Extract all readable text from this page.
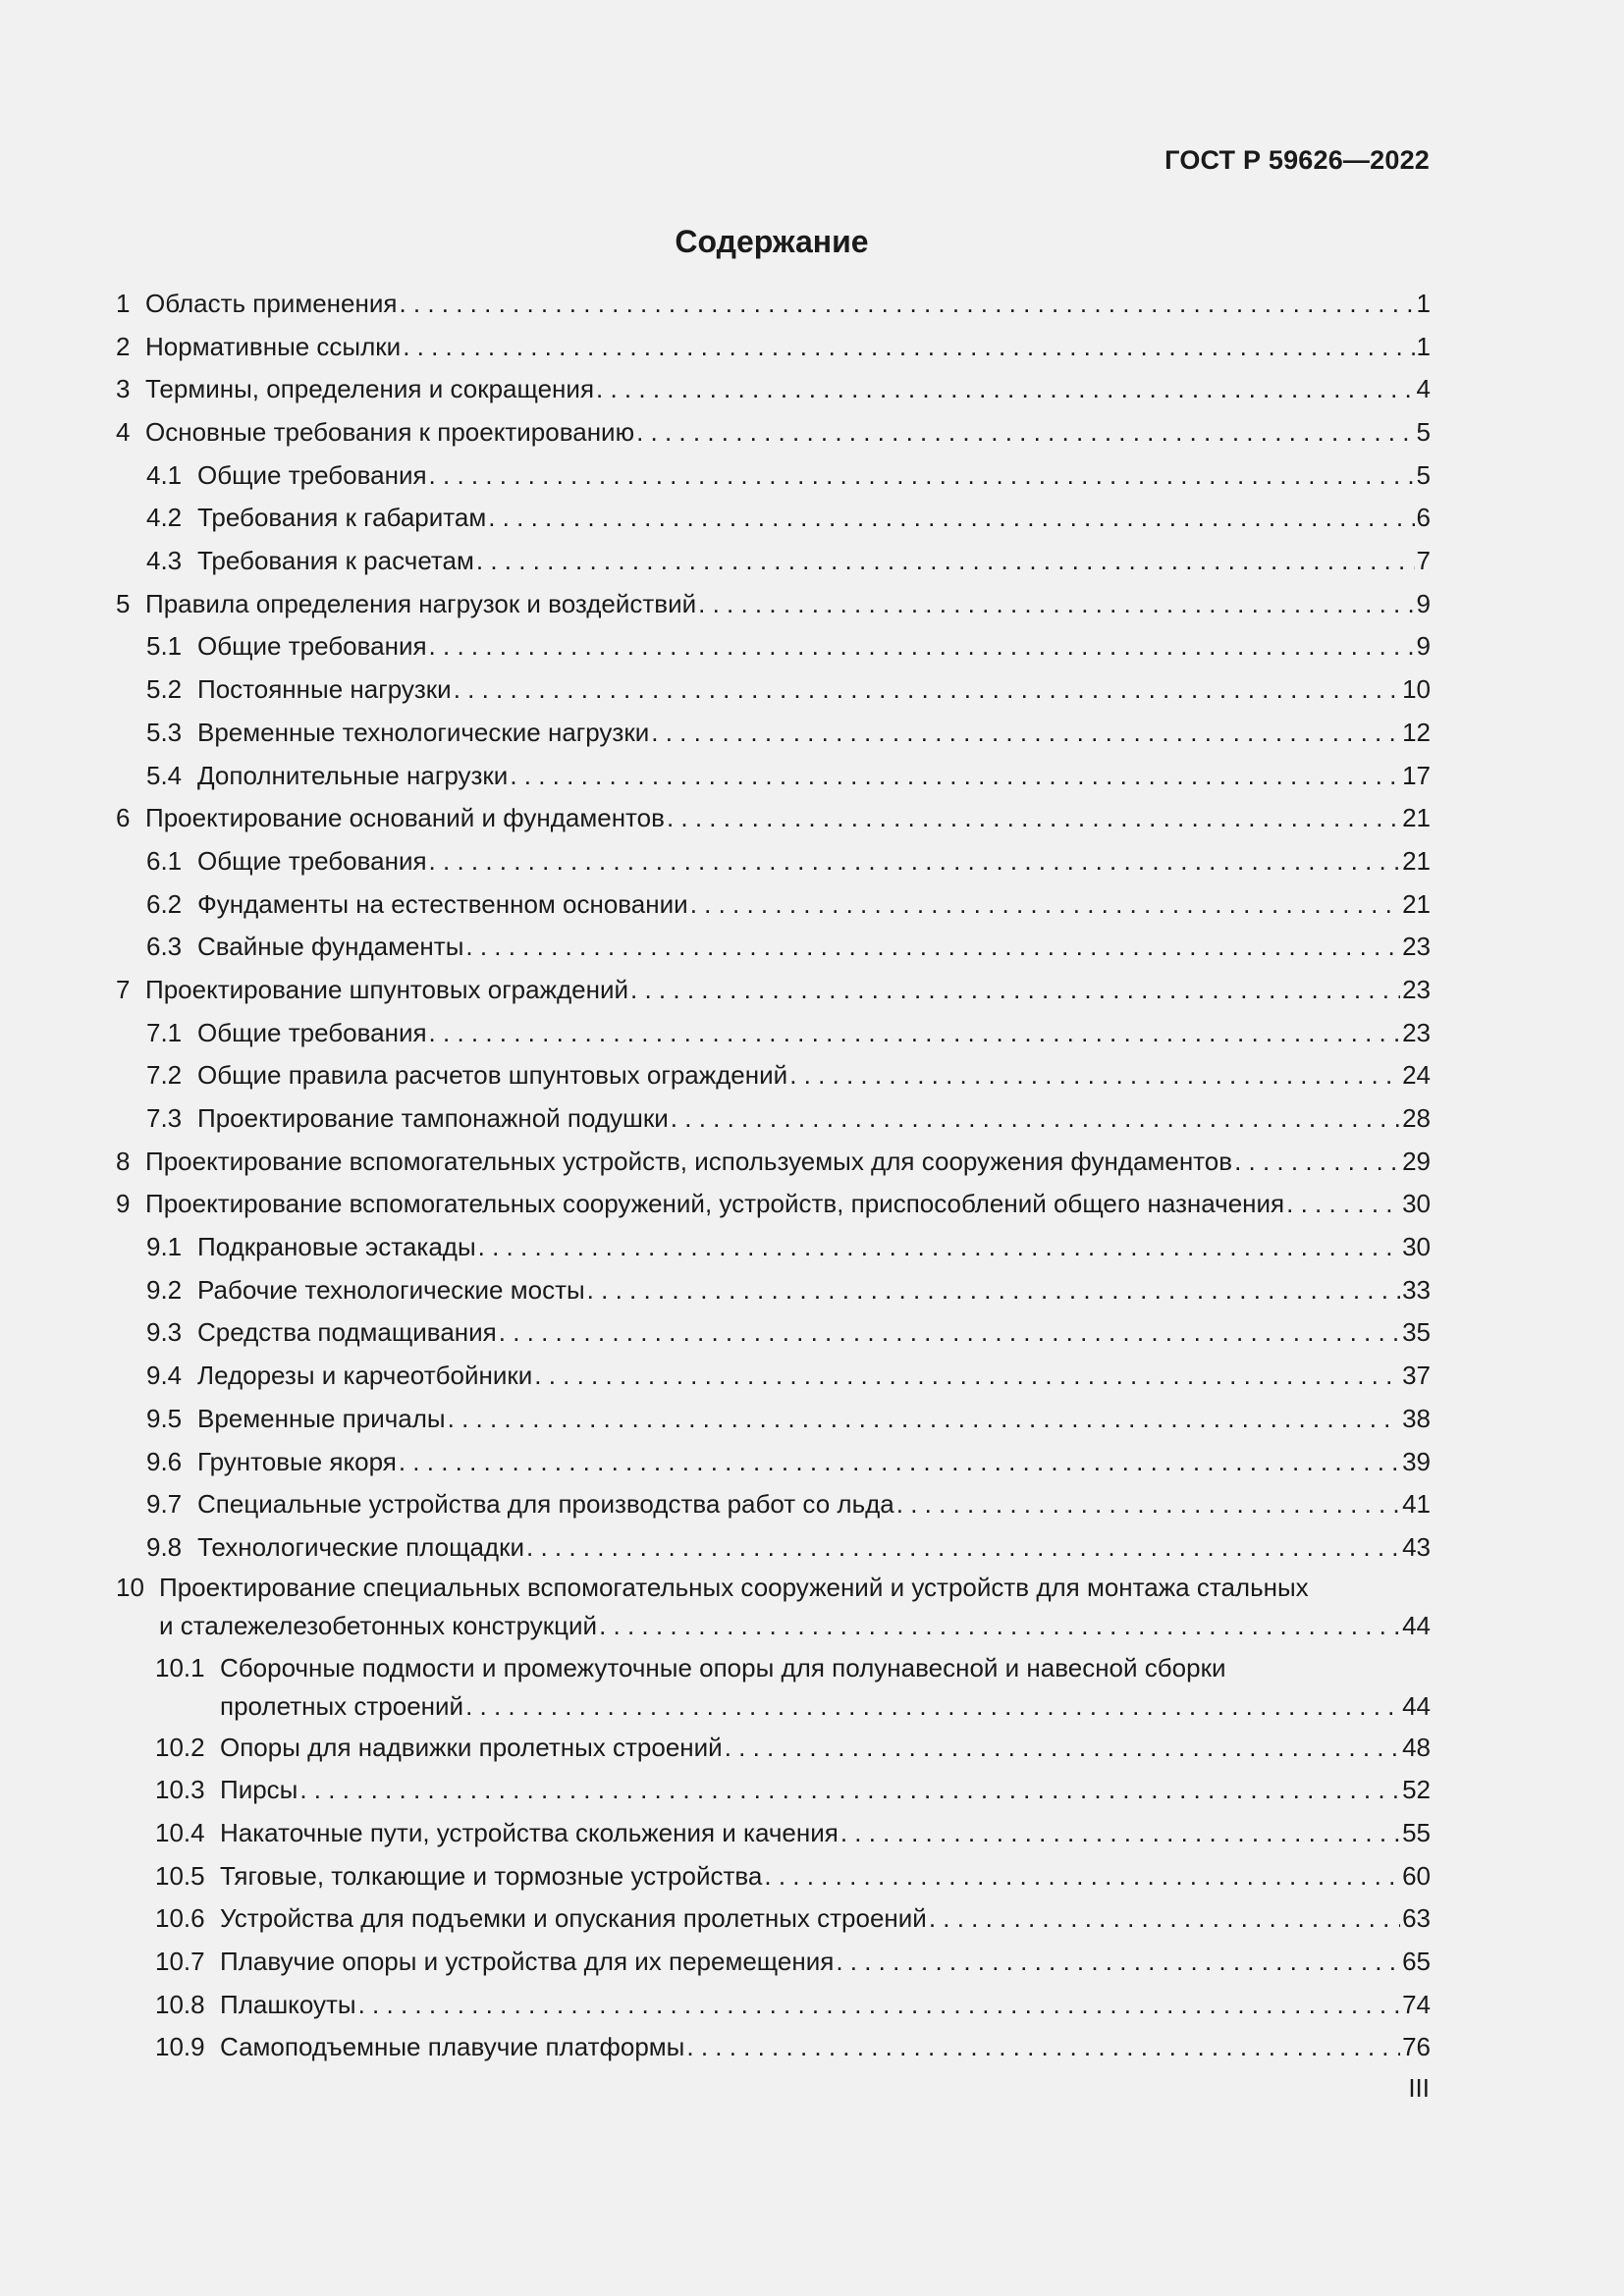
ГОСТ Р 59626—2022
Содержание
1 Область применения . . .	1
2 Нормативные ссылки . . .	1
3 Термины, определения и сокращения . . .	4
4 Основные требования к проектированию . . .	5
4.1 Общие требования . . .	5
4.2 Требования к габаритам . . .	6
4.3 Требования к расчетам . . .	7
5 Правила определения нагрузок и воздействий . . .	9
5.1 Общие требования . . .	9
5.2 Постоянные нагрузки . . .	10
5.3 Временные технологические нагрузки . . .	12
5.4 Дополнительные нагрузки . . .	17
6 Проектирование оснований и фундаментов . . .	21
6.1 Общие требования . . .	21
6.2 Фундаменты на естественном основании . . .	21
6.3 Свайные фундаменты . . .	23
7 Проектирование шпунтовых ограждений . . .	23
7.1 Общие требования . . .	23
7.2 Общие правила расчетов шпунтовых ограждений . . .	24
7.3 Проектирование тампонажной подушки . . .	28
8 Проектирование вспомогательных устройств, используемых для сооружения фундаментов . . .	29
9 Проектирование вспомогательных сооружений, устройств, приспособлений общего назначения . . .	30
9.1 Подкрановые эстакады . . .	30
9.2 Рабочие технологические мосты . . .	33
9.3 Средства подмащивания . . .	35
9.4 Ледорезы и карчеотбойники . . .	37
9.5 Временные причалы . . .	38
9.6 Грунтовые якоря . . .	39
9.7 Специальные устройства для производства работ со льда . . .	41
9.8 Технологические площадки . . .	43
10 Проектирование специальных вспомогательных сооружений и устройств для монтажа стальных
и сталежелезобетонных конструкций . . .	44
10.1 Сборочные подмости и промежуточные опоры для полунавесной и навесной сборки
пролетных строений . . .	44
10.2 Опоры для надвижки пролетных строений . . .	48
10.3 Пирсы . . .	52
10.4 Накаточные пути, устройства скольжения и качения . . .	55
10.5 Тяговые, толкающие и тормозные устройства . . .	60
10.6 Устройства для подъемки и опускания пролетных строений . . .	63
10.7 Плавучие опоры и устройства для их перемещения . . .	65
10.8 Плашкоуты . . .	74
10.9 Самоподъемные плавучие платформы . . .	76
III
